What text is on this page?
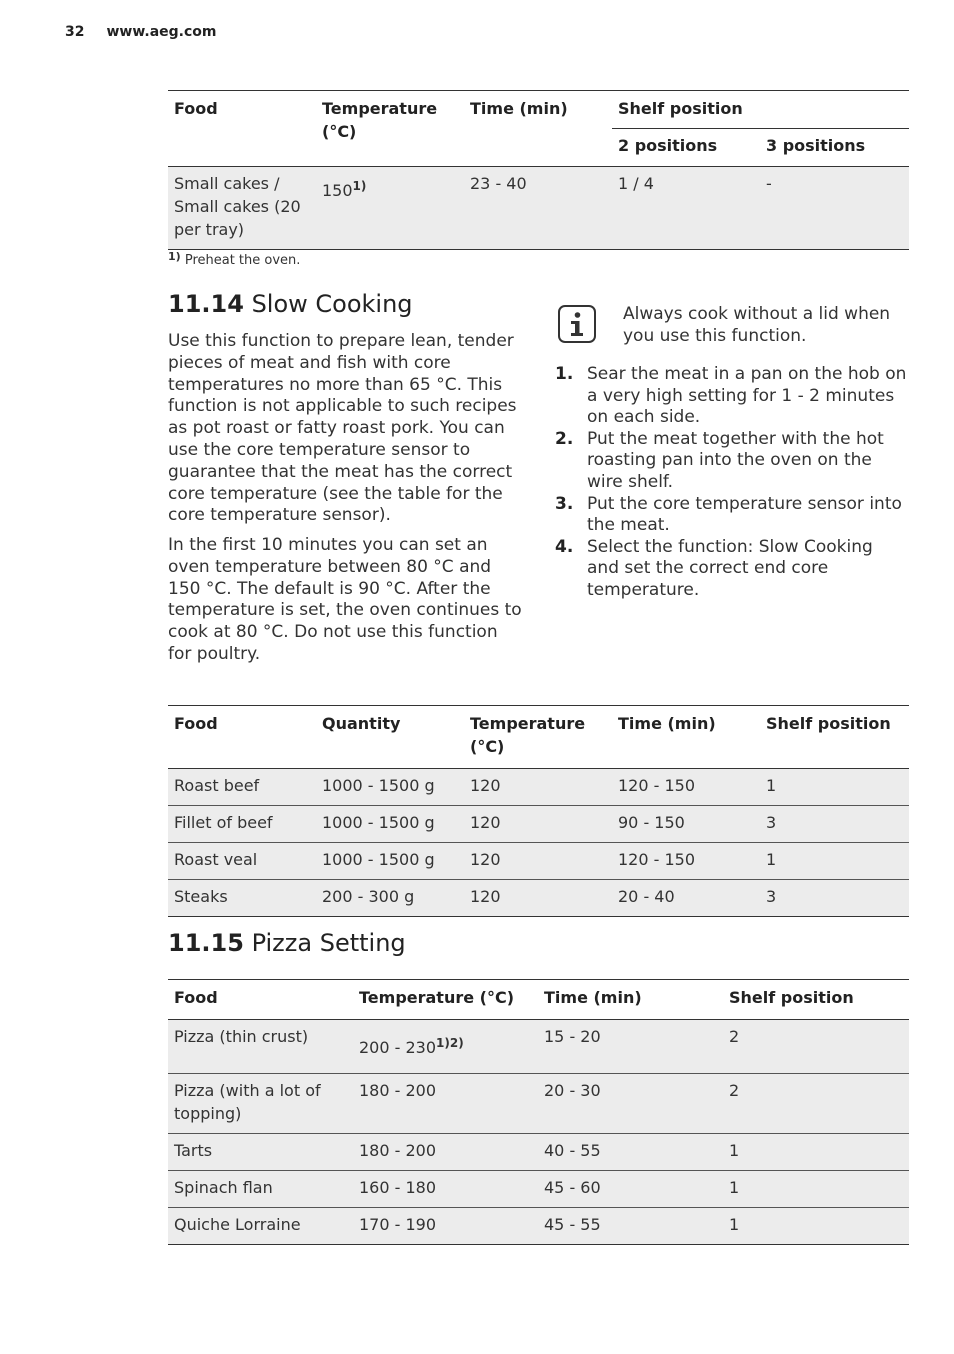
32 www.aeg.com
Food	Temperature (°C)	Time (min)	Shelf position	
			2 positions	3 positions
Small cakes / Small cakes (20 per tray)	150$^{1)}$	23 - 40	1 / 4	-
$^{1)}$ Preheat the oven.
11.14 Slow Cooking

Use this function to prepare lean, tender pieces of meat and fish with core temperatures no more than 65 °C. This function is not applicable to such recipes as pot roast or fatty roast pork. You can use the core temperature sensor to guarantee that the meat has the correct core temperature (see the table for the core temperature sensor).

In the first 10 minutes you can set an oven temperature between 80 °C and 150 °C. The default is 90 °C. After the temperature is set, the oven continues to cook at 80 °C. Do not use this function for poultry.

Always cook without a lid when you use this function.
1. Sear the meat in a pan on the hob on a very high setting for 1 - 2 minutes on each side.
2. Put the meat together with the hot roasting pan into the oven on the wire shelf.
3. Put the core temperature sensor into the meat.
4. Select the function: Slow Cooking and set the correct end core temperature.
Food	Quantity	Temperature (°C)	Time (min)	Shelf position
Roast beef	1000 - 1500 g	120	120 - 150	1
Fillet of beef	1000 - 1500 g	120	90 - 150	3
Roast veal	1000 - 1500 g	120	120 - 150	1
Steaks	200 - 300 g	120	20 - 40	3
11.15 Pizza Setting
Food	Temperature (°C)	Time (min)	Shelf position
Pizza (thin crust)	$200 - 230^{1)2)}$	15 - 20	2
Pizza (with a lot of topping)	180 - 200	20 - 30	2
Tarts	180 - 200	40 - 55	1
Spinach flan	160 - 180	45 - 60	1
Quiche Lorraine	170 - 190	45 - 55	1
